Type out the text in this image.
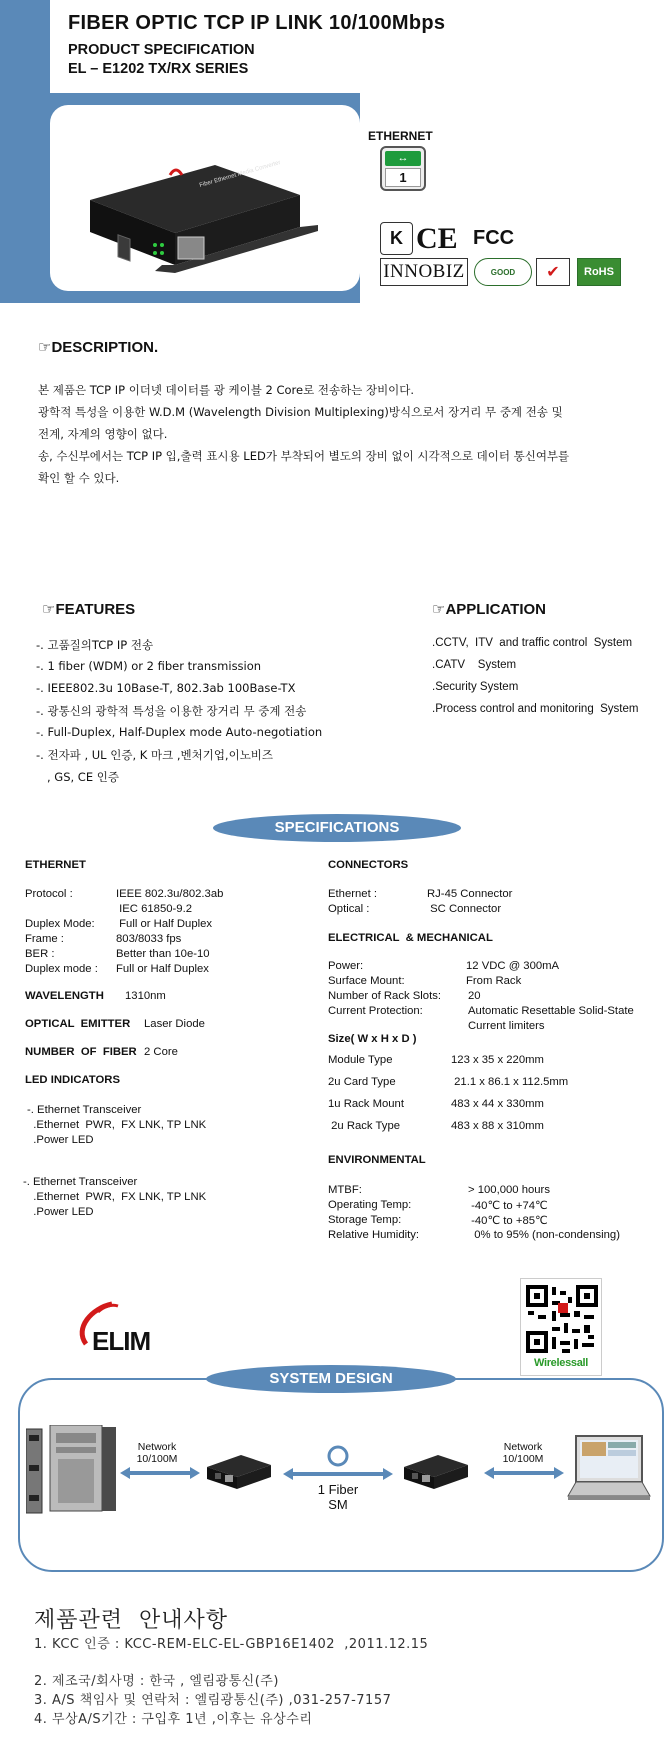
FIBER OPTIC TCP IP LINK 10/100Mbps
PRODUCT SPECIFICATION
EL – E1202 TX/RX SERIES
Fiber Ethernet Media Converter
ETHERNET
↔
1
K CE FCC
INNOBIZ	GOOD	✔	RoHS
☞DESCRIPTION.
본 제품은 TCP IP 이더넷 데이터를 광 케이블 2 Core로 전송하는 장비이다.
광학적 특성을 이용한 W.D.M (Wavelength Division Multiplexing)방식으로서 장거리 무 중계 전송 및
전계, 자계의 영향이 없다.
송, 수신부에서는 TCP IP 입,출력 표시용 LED가 부착되어 별도의 장비 없이 시각적으로 데이터 통신여부를
확인 할 수 있다.
☞FEATURES
-. 고품질의TCP IP 전송
-. 1 fiber (WDM) or 2 fiber transmission
-. IEEE802.3u 10Base-T, 802.3ab 100Base-TX
-. 광통신의 광학적 특성을 이용한 장거리 무 중계 전송
-. Full-Duplex, Half-Duplex mode Auto-negotiation
-. 전자파 , UL 인증, K 마크 ,벤처기업,이노비즈
, GS, CE 인증
☞APPLICATION
.CCTV,  ITV  and traffic control  System
.CATV    System
.Security System
.Process control and monitoring  System
SPECIFICATIONS
ETHERNET
Protocol :	IEEE 802.3u/802.3ab
IEC 61850-9.2
Duplex Mode: Full or Half Duplex
Frame :	803/8033 fps
BER :	Better than 10e-10
Duplex mode : Full or Half Duplex
WAVELENGTH 1310nm
OPTICAL  EMITTER Laser Diode
NUMBER  OF  FIBER 2 Core
LED INDICATORS
-. Ethernet Transceiver
.Ethernet  PWR,  FX LNK, TP LNK
.Power LED
-. Ethernet Transceiver
.Ethernet  PWR,  FX LNK, TP LNK
.Power LED
CONNECTORS
Ethernet :	RJ-45 Connector
Optical :	SC Connector
ELECTRICAL  & MECHANICAL
Power:	12 VDC @ 300mA
Surface Mount:	From Rack
Number of Rack Slots: 20
Current Protection:	Automatic Resettable Solid-State
Current limiters
Size( W x H x D )
Module Type	123 x 35 x 220mm
2u Card Type	21.1 x 86.1 x 112.5mm
1u Rack Mount	483 x 44 x 330mm
2u Rack Type	483 x 88 x 310mm
ENVIRONMENTAL
MTBF:	> 100,000 hours
Operating Temp:	-40℃ to +74℃
Storage Temp:	-40℃ to +85℃
Relative Humidity:	0% to 95% (non-condensing)
ELIM
Wirelessall
SYSTEM DESIGN
Network
10/100M
1 Fiber
SM
Network
10/100M
제품관련  안내사항
1. KCC 인증 : KCC-REM-ELC-EL-GBP16E1402  ,2011.12.15
2. 제조국/회사명 : 한국 , 엘림광통신(주)
3. A/S 책임사 및 연락처 : 엘림광통신(주) ,031-257-7157
4. 무상A/S기간 : 구입후 1년 ,이후는 유상수리
